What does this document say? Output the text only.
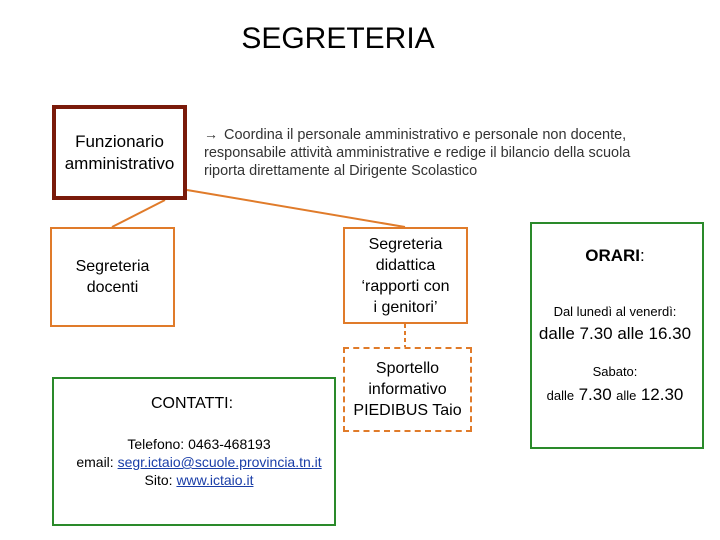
SEGRETERIA
Funzionario
amministrativo
→ Coordina il personale amministrativo e personale non docente,
responsabile attività amministrative e redige il bilancio della scuola
riporta direttamente al Dirigente Scolastico
Segreteria
docenti
Segreteria
didattica
‘rapporti con
i genitori’
Sportello
informativo
PIEDIBUS Taio
ORARI:
Dal lunedì al venerdì:
dalle 7.30 alle 16.30
Sabato:
dalle 7.30 alle 12.30
CONTATTI:
Telefono: 0463-468193
email: segr.ictaio@scuole.provincia.tn.it
Sito: www.ictaio.it
